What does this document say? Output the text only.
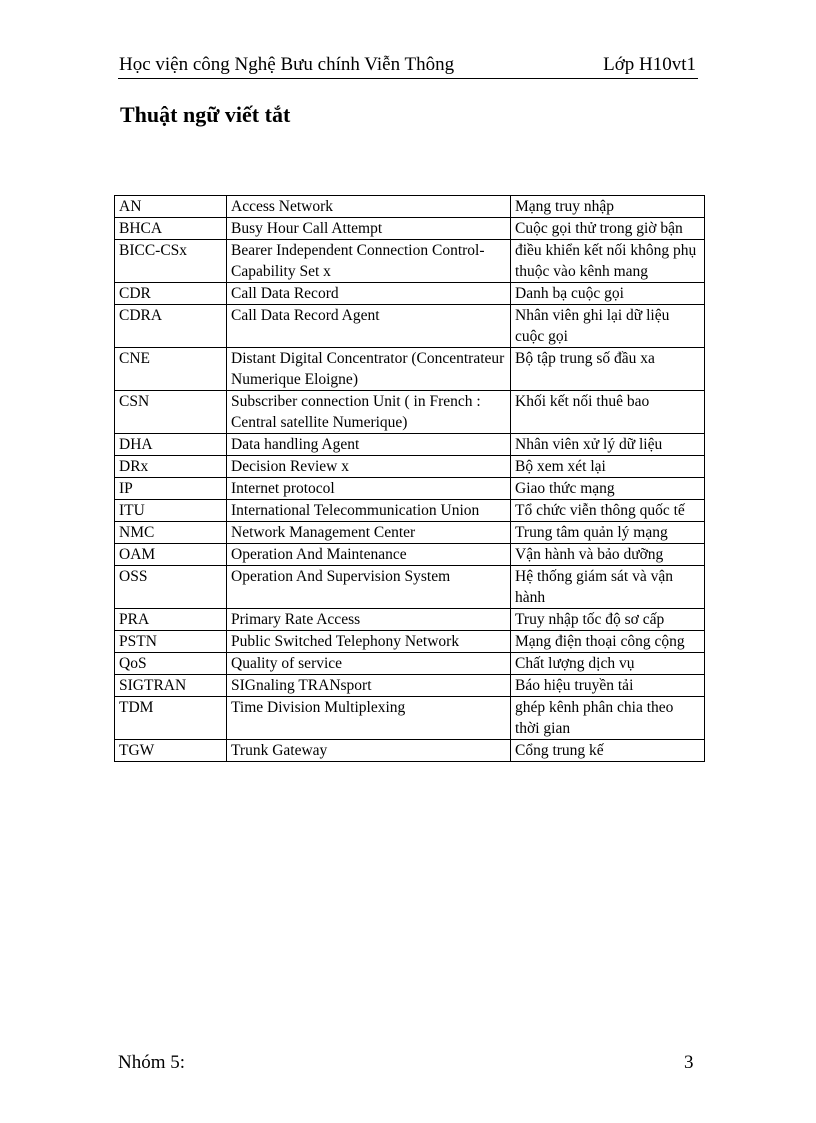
Học viện công Nghệ Bưu chính Viễn Thông	Lớp H10vt1
Thuật ngữ viết tắt
AN	Access Network	Mạng truy nhập
BHCA	Busy Hour Call Attempt	Cuộc gọi thử trong giờ bận
BICC-CSx	Bearer Independent Connection Control- Capability Set x	điều khiển kết nối không phụ thuộc vào kênh mang
CDR	Call Data Record	Danh bạ cuộc gọi
CDRA	Call Data Record Agent	Nhân viên ghi lại dữ liệu cuộc gọi
CNE	Distant Digital Concentrator (Concentrateur Numerique Eloigne)	Bộ tập trung số đầu xa
CSN	Subscriber connection Unit ( in French : Central satellite Numerique)	Khối kết nối thuê bao
DHA	Data handling Agent	Nhân viên xử lý dữ liệu
DRx	Decision Review x	Bộ xem xét lại
IP	Internet protocol	Giao thức mạng
ITU	International Telecommunication Union	Tổ chức viễn thông quốc tế
NMC	Network Management Center	Trung tâm quản lý mạng
OAM	Operation And Maintenance	Vận hành và bảo dưỡng
OSS	Operation And Supervision System	Hệ thống giám sát và vận hành
PRA	Primary Rate Access	Truy nhập tốc độ sơ cấp
PSTN	Public Switched Telephony Network	Mạng điện thoại công cộng
QoS	Quality of service	Chất lượng dịch vụ
SIGTRAN	SIGnaling TRANsport	Báo hiệu truyền tải
TDM	Time Division Multiplexing	ghép kênh phân chia theo thời gian
TGW	Trunk Gateway	Cổng trung kế
Nhóm 5:	3
